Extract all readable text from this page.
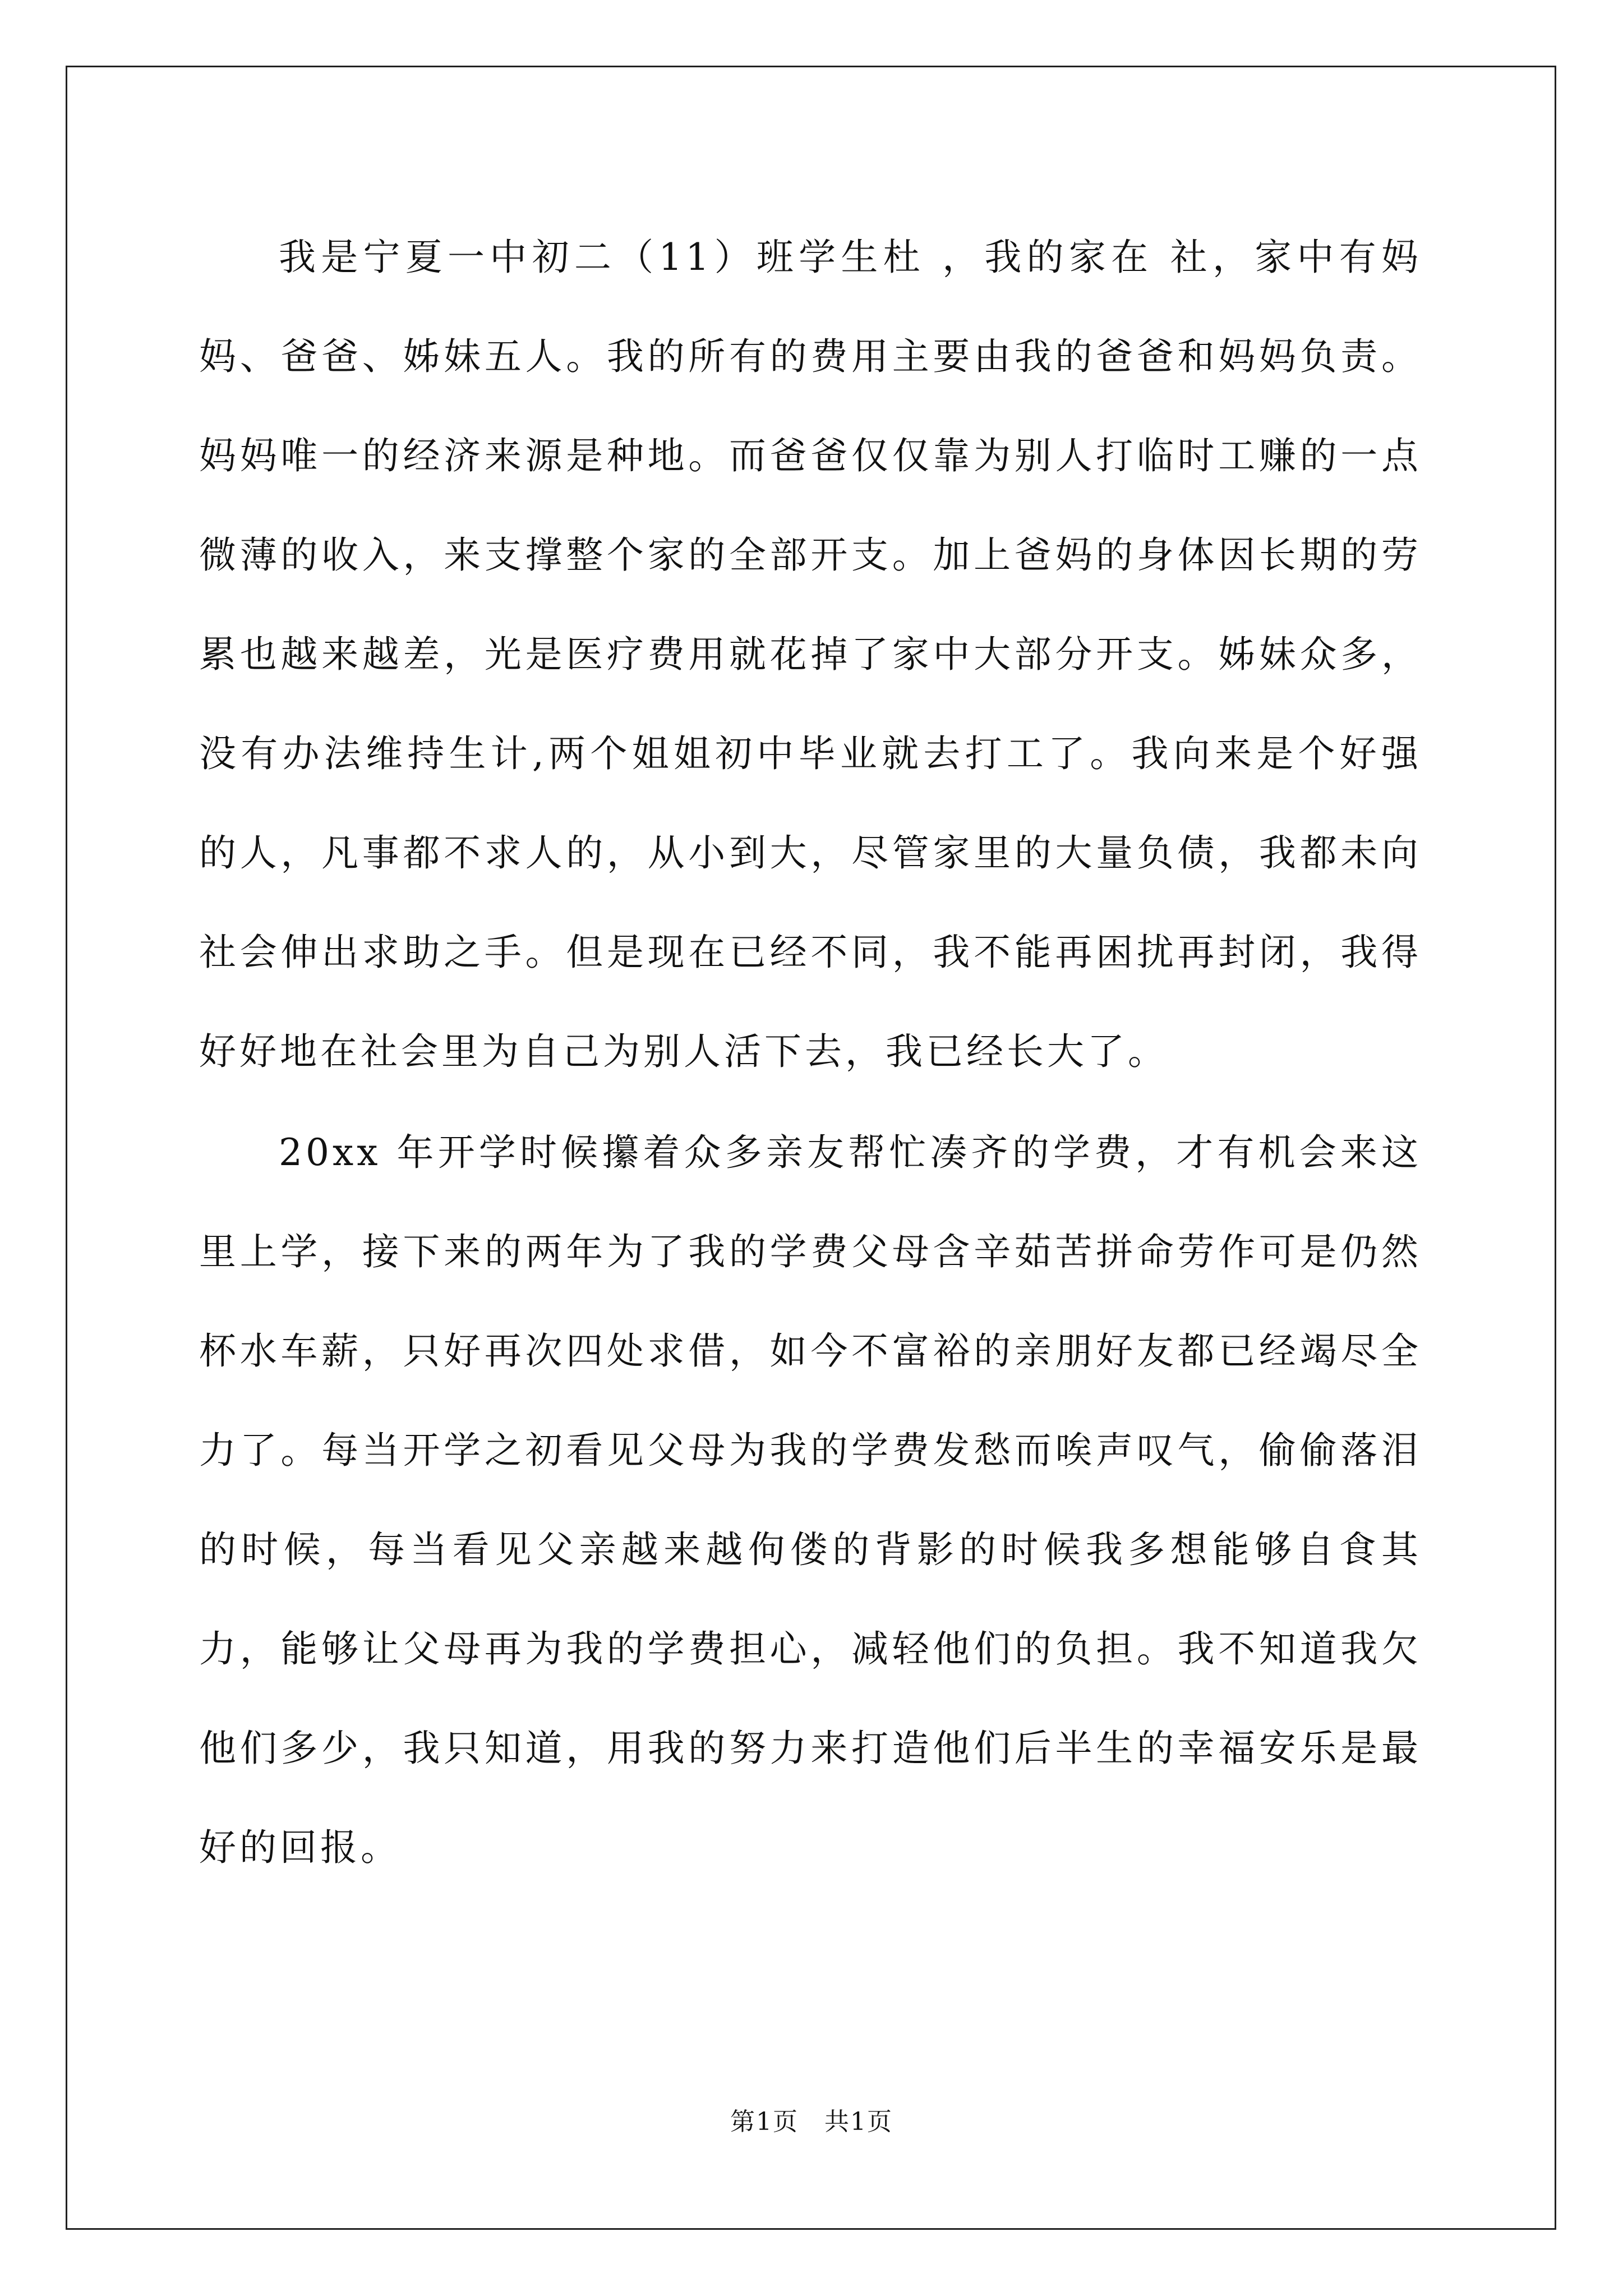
我是宁夏一中初二（11）班学生杜 ，我的家在 社，家中有妈妈、爸爸、姊妹五人。我的所有的费用主要由我的爸爸和妈妈负责。妈妈唯一的经济来源是种地。而爸爸仅仅靠为别人打临时工赚的一点微薄的收入，来支撑整个家的全部开支。加上爸妈的身体因长期的劳累也越来越差，光是医疗费用就花掉了家中大部分开支。姊妹众多，没有办法维持生计,两个姐姐初中毕业就去打工了。我向来是个好强的人，凡事都不求人的，从小到大，尽管家里的大量负债，我都未向社会伸出求助之手。但是现在已经不同，我不能再困扰再封闭，我得好好地在社会里为自己为别人活下去，我已经长大了。

20xx 年开学时候攥着众多亲友帮忙凑齐的学费，才有机会来这里上学，接下来的两年为了我的学费父母含辛茹苦拼命劳作可是仍然杯水车薪，只好再次四处求借，如今不富裕的亲朋好友都已经竭尽全力了。每当开学之初看见父母为我的学费发愁而唉声叹气，偷偷落泪的时候，每当看见父亲越来越佝偻的背影的时候我多想能够自食其力，能够让父母再为我的学费担心，减轻他们的负担。我不知道我欠他们多少，我只知道，用我的努力来打造他们后半生的幸福安乐是最好的回报。

第1页 共1页
